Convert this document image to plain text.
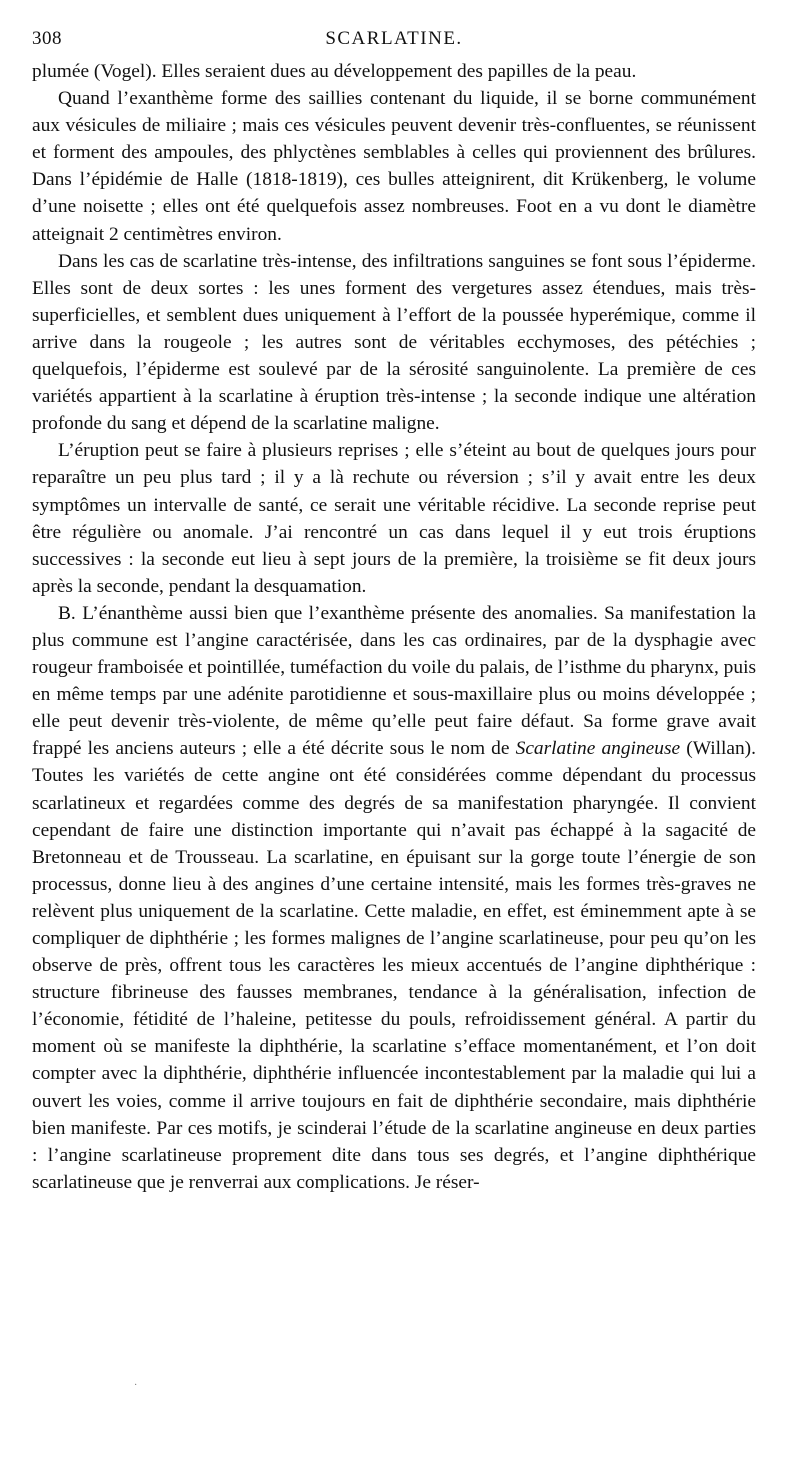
308	SCARLATINE.

plumée (Vogel). Elles seraient dues au développement des papilles de la peau.

Quand l’exanthème forme des saillies contenant du liquide, il se borne communément aux vésicules de miliaire ; mais ces vésicules peuvent devenir très-confluentes, se réunissent et forment des ampoules, des phlyctènes semblables à celles qui proviennent des brûlures. Dans l’épidémie de Halle (1818-1819), ces bulles atteignirent, dit Krükenberg, le volume d’une noisette ; elles ont été quelquefois assez nombreuses. Foot en a vu dont le diamètre atteignait 2 centimètres environ.

Dans les cas de scarlatine très-intense, des infiltrations sanguines se font sous l’épiderme. Elles sont de deux sortes : les unes forment des vergetures assez étendues, mais très-superficielles, et semblent dues uniquement à l’effort de la poussée hyperémique, comme il arrive dans la rougeole ; les autres sont de véritables ecchymoses, des pétéchies ; quelquefois, l’épiderme est soulevé par de la sérosité sanguinolente. La première de ces variétés appartient à la scarlatine à éruption très-intense ; la seconde indique une altération profonde du sang et dépend de la scarlatine maligne.

L’éruption peut se faire à plusieurs reprises ; elle s’éteint au bout de quelques jours pour reparaître un peu plus tard ; il y a là rechute ou réversion ; s’il y avait entre les deux symptômes un intervalle de santé, ce serait une véritable récidive. La seconde reprise peut être régulière ou anomale. J’ai rencontré un cas dans lequel il y eut trois éruptions successives : la seconde eut lieu à sept jours de la première, la troisième se fit deux jours après la seconde, pendant la desquamation.

B. L’énanthème aussi bien que l’exanthème présente des anomalies. Sa manifestation la plus commune est l’angine caractérisée, dans les cas ordinaires, par de la dysphagie avec rougeur framboisée et pointillée, tuméfaction du voile du palais, de l’isthme du pharynx, puis en même temps par une adénite parotidienne et sous-maxillaire plus ou moins développée ; elle peut devenir très-violente, de même qu’elle peut faire défaut. Sa forme grave avait frappé les anciens auteurs ; elle a été décrite sous le nom de Scarlatine angineuse (Willan). Toutes les variétés de cette angine ont été considérées comme dépendant du processus scarlatineux et regardées comme des degrés de sa manifestation pharyngée. Il convient cependant de faire une distinction importante qui n’avait pas échappé à la sagacité de Bretonneau et de Trousseau. La scarlatine, en épuisant sur la gorge toute l’énergie de son processus, donne lieu à des angines d’une certaine intensité, mais les formes très-graves ne relèvent plus uniquement de la scarlatine. Cette maladie, en effet, est éminemment apte à se compliquer de diphthérie ; les formes malignes de l’angine scarlatineuse, pour peu qu’on les observe de près, offrent tous les caractères les mieux accentués de l’angine diphthérique : structure fibrineuse des fausses membranes, tendance à la généralisation, infection de l’économie, fétidité de l’haleine, petitesse du pouls, refroidissement général. A partir du moment où se manifeste la diphthérie, la scarlatine s’efface momentanément, et l’on doit compter avec la diphthérie, diphthérie influencée incontestablement par la maladie qui lui a ouvert les voies, comme il arrive toujours en fait de diphthérie secondaire, mais diphthérie bien manifeste. Par ces motifs, je scinderai l’étude de la scarlatine angineuse en deux parties : l’angine scarlatineuse proprement dite dans tous ses degrés, et l’angine diphthérique scarlatineuse que je renverrai aux complications. Je réser-

·
